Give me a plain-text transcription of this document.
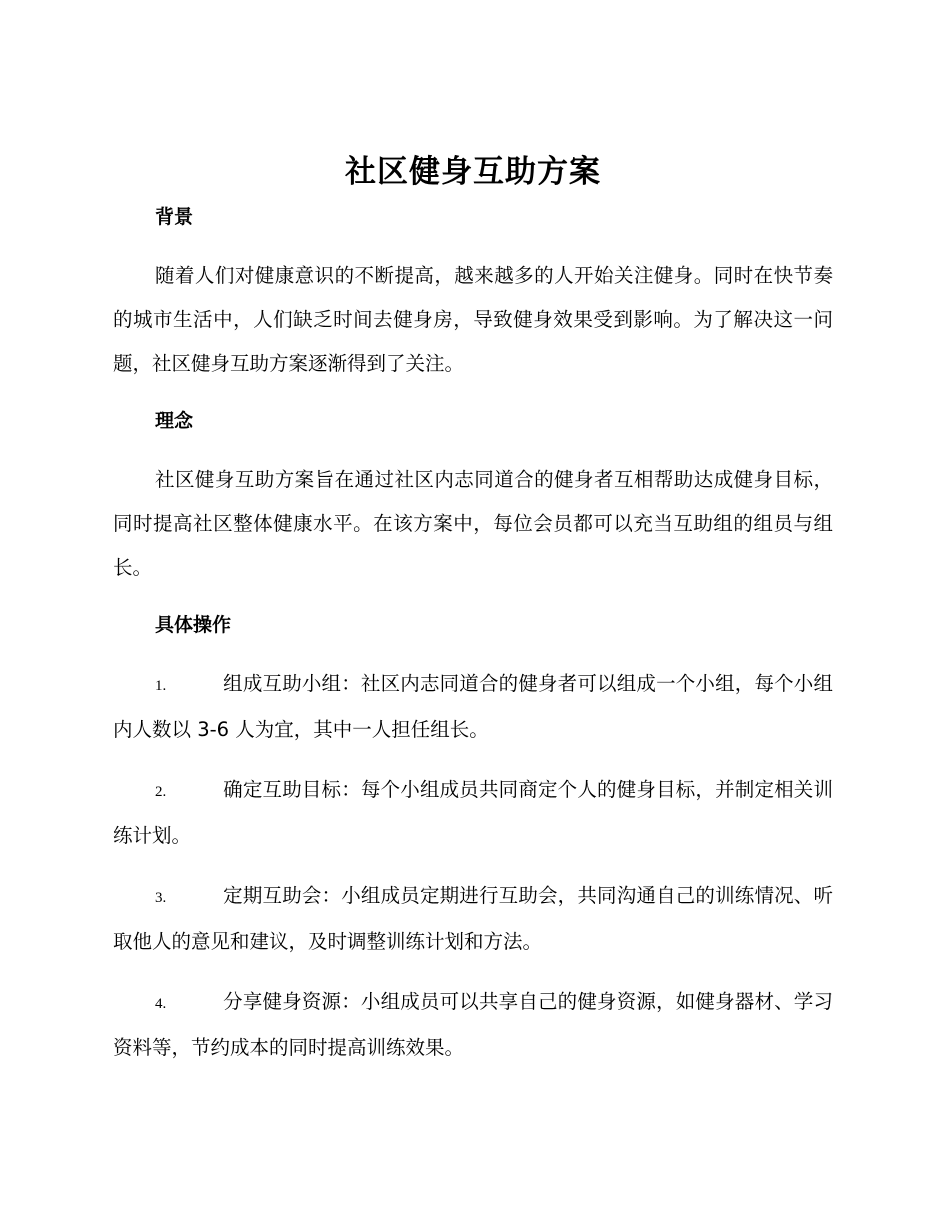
社区健身互助方案
背景

随着人们对健康意识的不断提高，越来越多的人开始关注健身。同时在快节奏的城市生活中，人们缺乏时间去健身房，导致健身效果受到影响。为了解决这一问题，社区健身互助方案逐渐得到了关注。

理念

社区健身互助方案旨在通过社区内志同道合的健身者互相帮助达成健身目标，同时提高社区整体健康水平。在该方案中，每位会员都可以充当互助组的组员与组长。

具体操作

1.	组成互助小组：社区内志同道合的健身者可以组成一个小组，每个小组内人数以 3-6 人为宜，其中一人担任组长。

2.	确定互助目标：每个小组成员共同商定个人的健身目标，并制定相关训练计划。

3.	定期互助会：小组成员定期进行互助会，共同沟通自己的训练情况、听取他人的意见和建议，及时调整训练计划和方法。

4.	分享健身资源：小组成员可以共享自己的健身资源，如健身器材、学习资料等，节约成本的同时提高训练效果。
